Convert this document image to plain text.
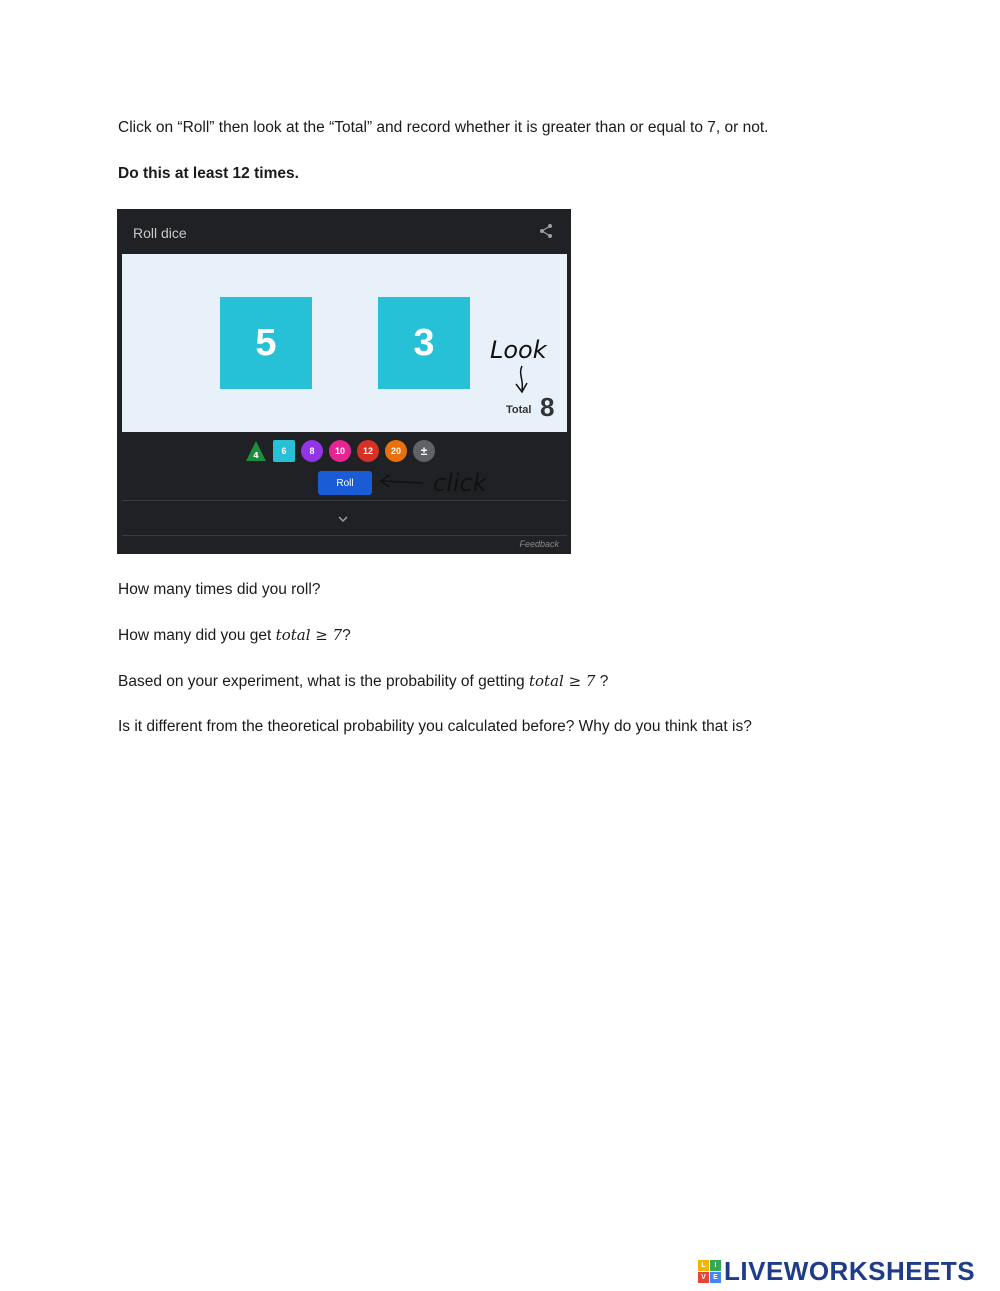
Click on “Roll” then look at the “Total” and record whether it is greater than or equal to 7, or not.

Do this at least 12 times.

Roll dice
5	3	Look
Total 8
4	6	8	10	12	20	±
Roll	click
Feedback

How many times did you roll?

How many did you get total ≥ 7?

Based on your experiment, what is the probability of getting total ≥ 7 ?

Is it different from the theoretical probability you calculated before? Why do you think that is?

L	I
V	E LIVEWORKSHEETS
